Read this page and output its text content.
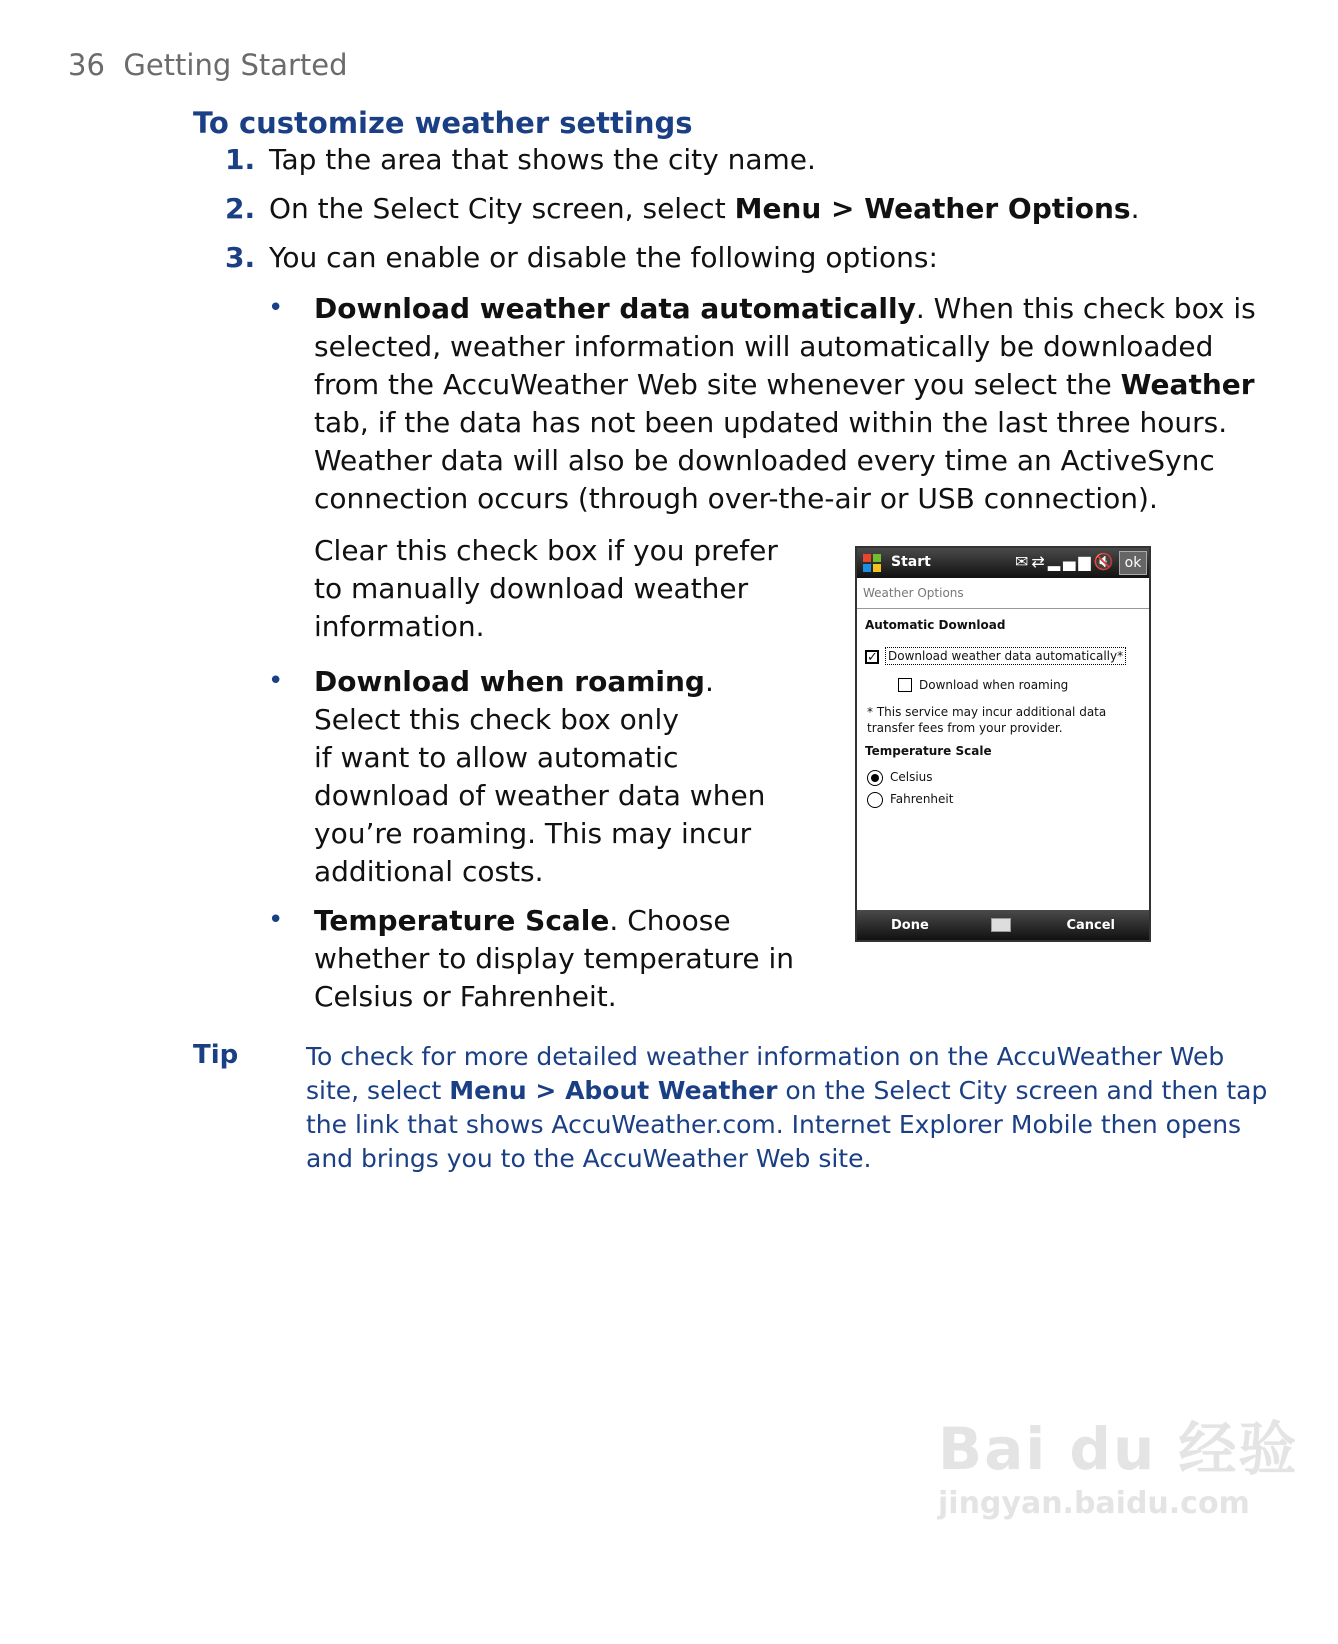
36 Getting Started
To customize weather settings
1. Tap the area that shows the city name.
2. On the Select City screen, select Menu > Weather Options.
3. You can enable or disable the following options:
• Download weather data automatically. When this check box is
selected, weather information will automatically be downloaded
from the AccuWeather Web site whenever you select the Weather
tab, if the data has not been updated within the last three hours.
Weather data will also be downloaded every time an ActiveSync
connection occurs (through over-the-air or USB connection).
Clear this check box if you prefer
to manually download weather
information.
• Download when roaming.
Select this check box only
if want to allow automatic
download of weather data when
you’re roaming. This may incur
additional costs.
• Temperature Scale. Choose
whether to display temperature in
Celsius or Fahrenheit.
Start	✉⇄▂▄▆🔇 ok
Weather Options
Automatic Download
✓ Download weather data automatically*
Download when roaming
* This service may incur additional data
transfer fees from your provider.
Temperature Scale
Celsius
Fahrenheit
Done	Cancel
Tip	To check for more detailed weather information on the AccuWeather Web
site, select Menu > About Weather on the Select City screen and then tap
the link that shows AccuWeather.com. Internet Explorer Mobile then opens
and brings you to the AccuWeather Web site.
Bai du 经验
jingyan.baidu.com
